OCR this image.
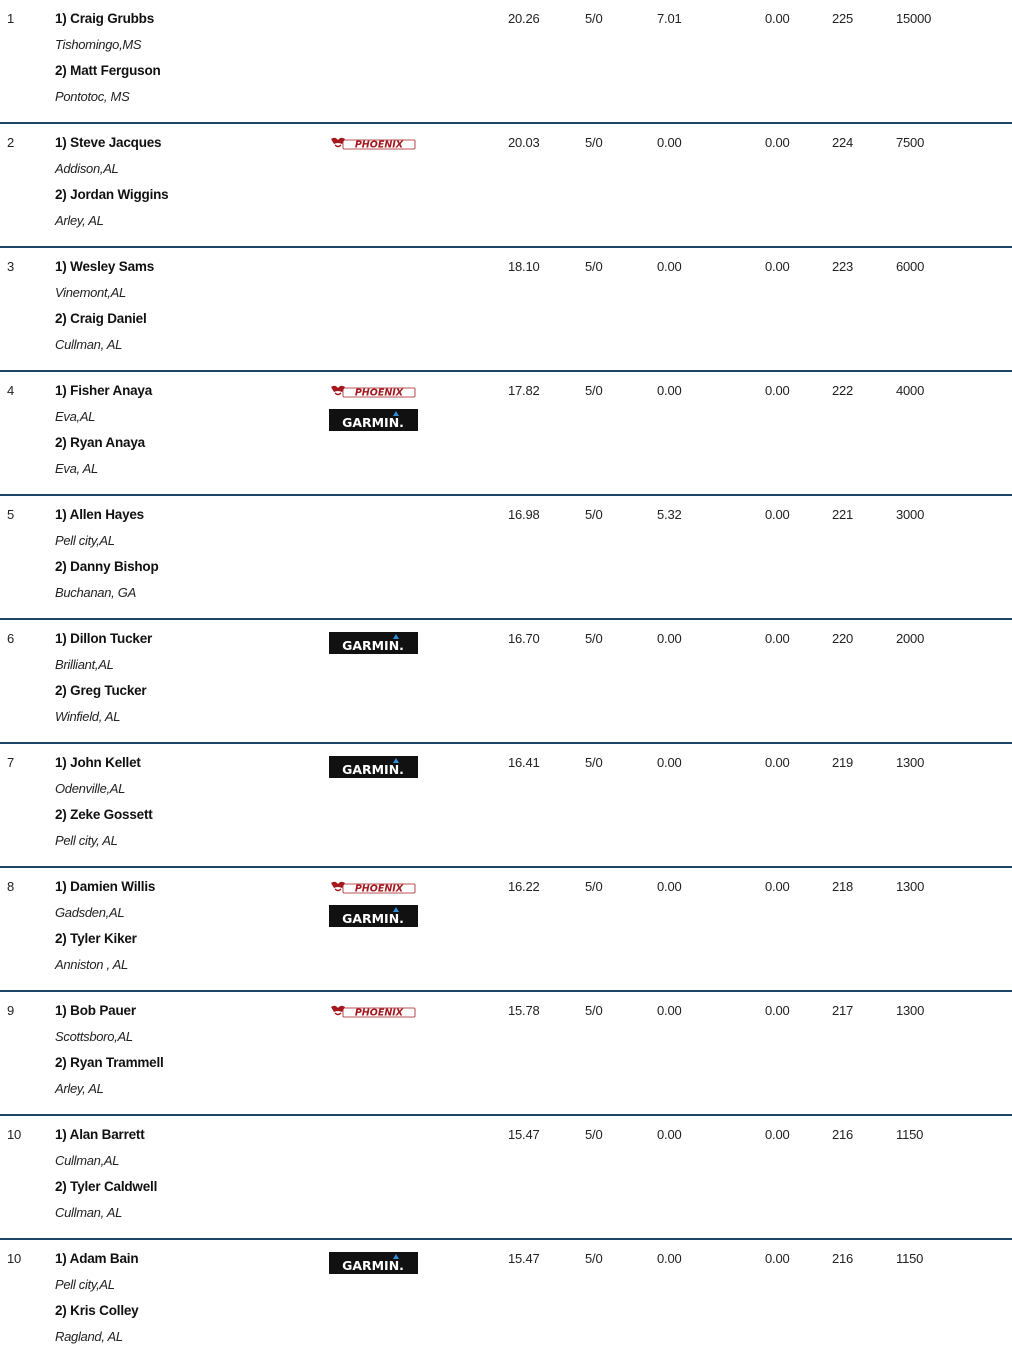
1	1) Craig Grubbs
Tishomingo,MS
2) Matt Ferguson
Pontotoc, MS
20.26	5/0	7.01	0.00	225	15000
2	1) Steve Jacques
Addison,AL
2) Jordan Wiggins
Arley, AL
PHOENIX	20.03	5/0	0.00	0.00	224	7500
3	1) Wesley Sams
Vinemont,AL
2) Craig Daniel
Cullman, AL
18.10	5/0	0.00	0.00	223	6000
4	1) Fisher Anaya
Eva,AL
2) Ryan Anaya
Eva, AL
PHOENIX
GARMIN.
17.82	5/0	0.00	0.00	222	4000
5	1) Allen Hayes
Pell city,AL
2) Danny Bishop
Buchanan, GA
16.98	5/0	5.32	0.00	221	3000
6	1) Dillon Tucker
Brilliant,AL
2) Greg Tucker
Winfield, AL
GARMIN.	16.70	5/0	0.00	0.00	220	2000
7	1) John Kellet
Odenville,AL
2) Zeke Gossett
Pell city, AL
GARMIN.	16.41	5/0	0.00	0.00	219	1300
8	1) Damien Willis
Gadsden,AL
2) Tyler Kiker
Anniston , AL
PHOENIX
GARMIN.
16.22	5/0	0.00	0.00	218	1300
9	1) Bob Pauer
Scottsboro,AL
2) Ryan Trammell
Arley, AL
PHOENIX	15.78	5/0	0.00	0.00	217	1300
10	1) Alan Barrett
Cullman,AL
2) Tyler Caldwell
Cullman, AL
15.47	5/0	0.00	0.00	216	1150
10	1) Adam Bain
Pell city,AL
2) Kris Colley
Ragland, AL
GARMIN.	15.47	5/0	0.00	0.00	216	1150
